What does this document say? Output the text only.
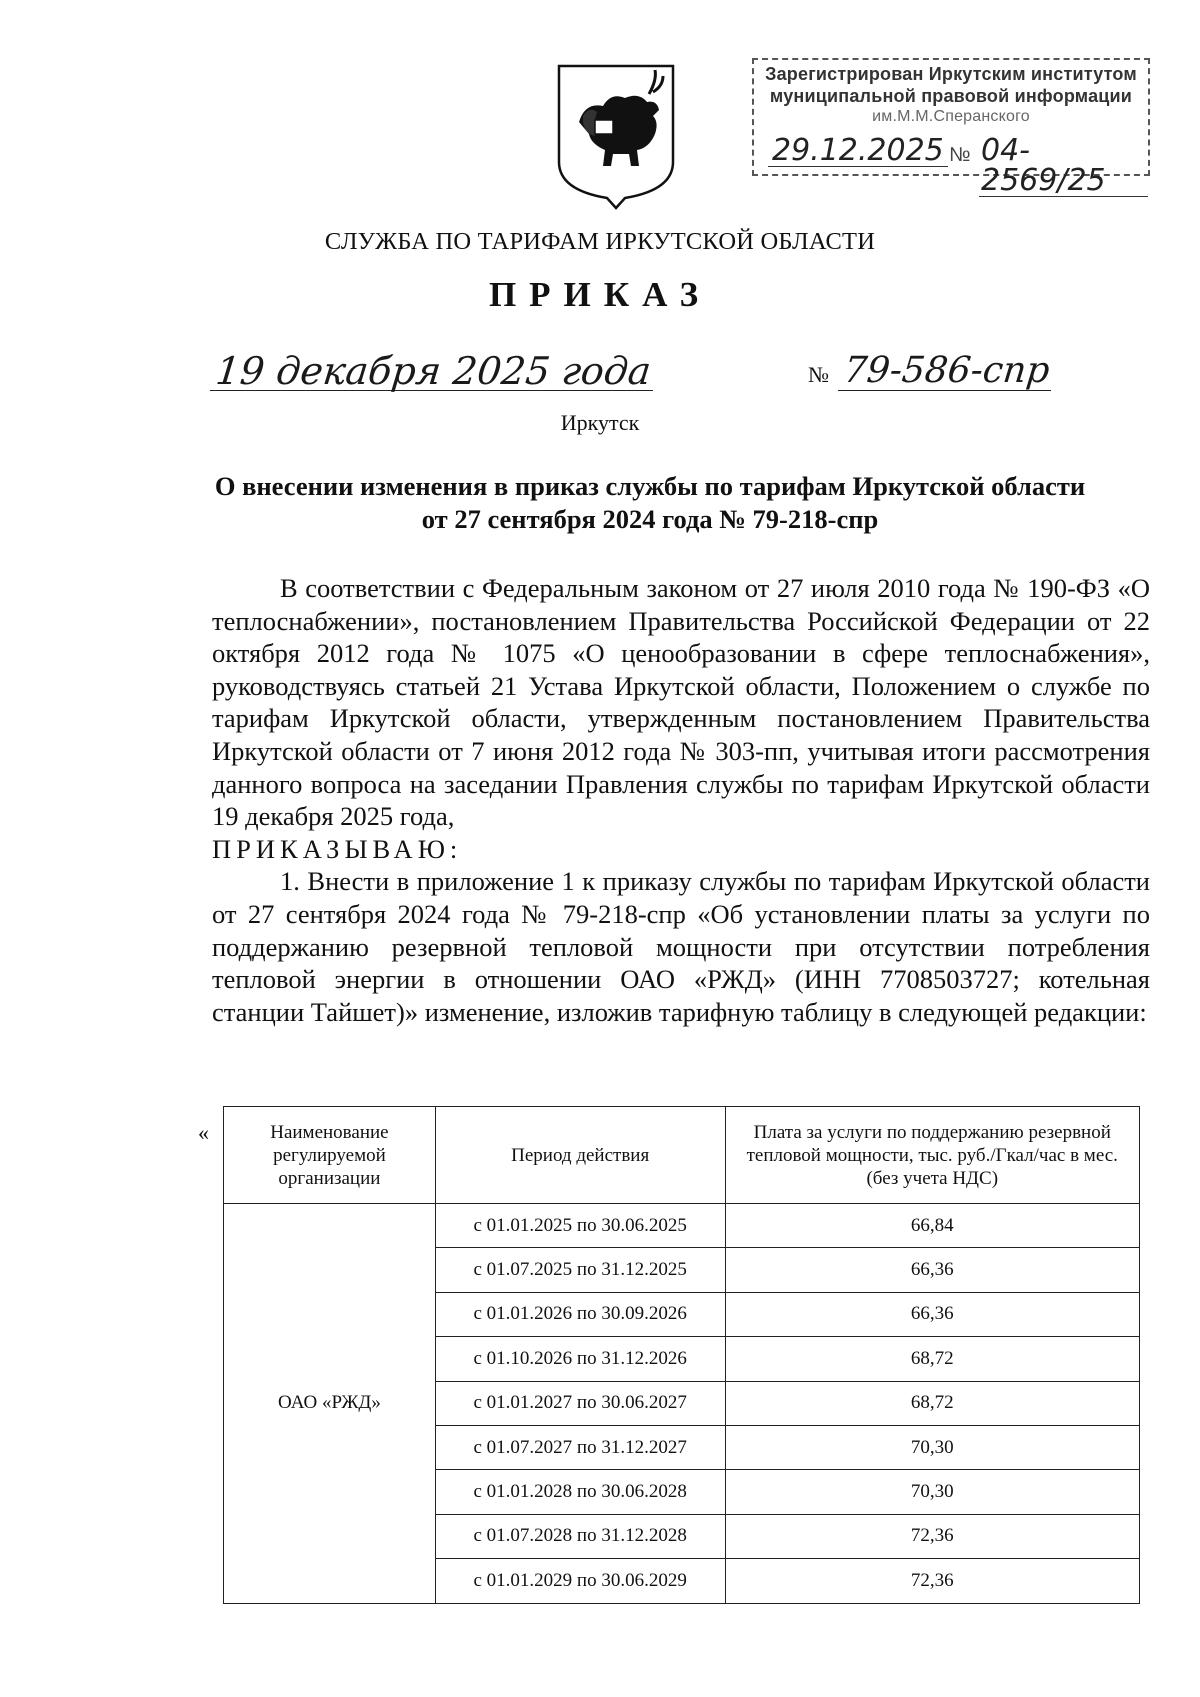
Зарегистрирован Иркутским институтом
муниципальной правовой информации
им.М.М.Сперанского
29.12.2025 № 04-2569/25
СЛУЖБА ПО ТАРИФАМ ИРКУТСКОЙ ОБЛАСТИ
ПРИКАЗ
19 декабря 2025 года	№ 79-586-спр
Иркутск
О внесении изменения в приказ службы по тарифам Иркутской области
от 27 сентября 2024 года № 79-218-спр

В соответствии с Федеральным законом от 27 июля 2010 года № 190-ФЗ «О теплоснабжении», постановлением Правительства Российской Федерации от 22 октября 2012 года № 1075 «О ценообразовании в сфере теплоснабжения», руководствуясь статьей 21 Устава Иркутской области, Положением о службе по тарифам Иркутской области, утвержденным постановлением Правительства Иркутской области от 7 июня 2012 года № 303-пп, учитывая итоги рассмотрения данного вопроса на заседании Правления службы по тарифам Иркутской области 19 декабря 2025 года,

ПРИКАЗЫВАЮ:

1. Внести в приложение 1 к приказу службы по тарифам Иркутской области от 27 сентября 2024 года № 79-218-спр «Об установлении платы за услуги по поддержанию резервной тепловой мощности при отсутствии потребления тепловой энергии в отношении ОАО «РЖД» (ИНН 7708503727; котельная станции Тайшет)» изменение, изложив тарифную таблицу в следующей редакции:

«	Наименование регулируемой организации	Период действия	Плата за услуги по поддержанию резервной тепловой мощности, тыс. руб./Гкал/час в мес. (без учета НДС)
ОАО «РЖД»	с 01.01.2025 по 30.06.2025	66,84
	с 01.07.2025 по 31.12.2025	66,36
	с 01.01.2026 по 30.09.2026	66,36
	с 01.10.2026 по 31.12.2026	68,72
	с 01.01.2027 по 30.06.2027	68,72
	с 01.07.2027 по 31.12.2027	70,30
	с 01.01.2028 по 30.06.2028	70,30
	с 01.07.2028 по 31.12.2028	72,36
	с 01.01.2029 по 30.06.2029	72,36
